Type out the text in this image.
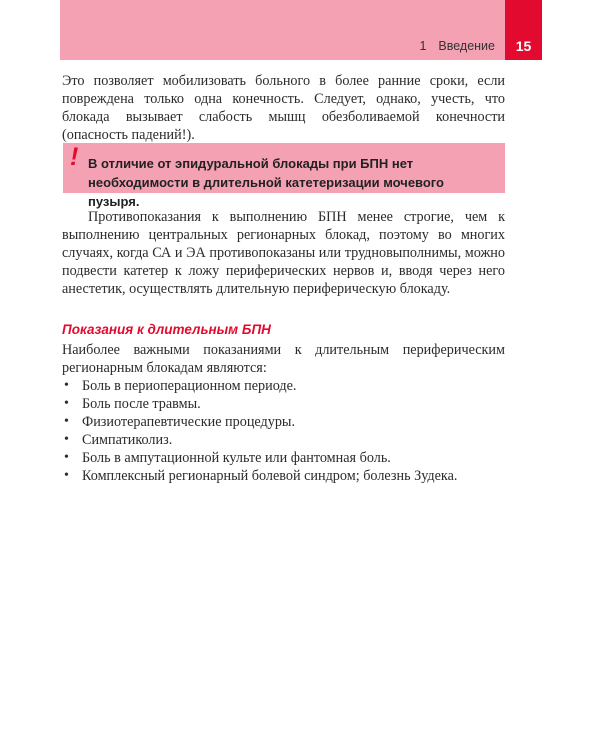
1 Введение	15

Это позволяет мобилизовать больного в более ранние сроки, если повреждена только одна конечность. Следует, однако, учесть, что блокада вызывает слабость мышц обезболиваемой конечности (опасность падений!).

! В отличие от эпидуральной блокады при БПН нет необходимости в длительной катетеризации мочевого пузыря.

Противопоказания к выполнению БПН менее строгие, чем к выполнению центральных регионарных блокад, поэтому во многих случаях, когда СА и ЭА противопоказаны или трудновыполнимы, можно подвести катетер к ложу периферических нервов и, вводя через него анестетик, осуществлять длительную периферическую блокаду.

Показания к длительным БПН

Наиболее важными показаниями к длительным периферическим регионарным блокадам являются:

• Боль в периоперационном периоде.
• Боль после травмы.
• Физиотерапевтические процедуры.
• Симпатиколиз.
• Боль в ампутационной культе или фантомная боль.
• Комплексный регионарный болевой синдром; болезнь Зудека.
